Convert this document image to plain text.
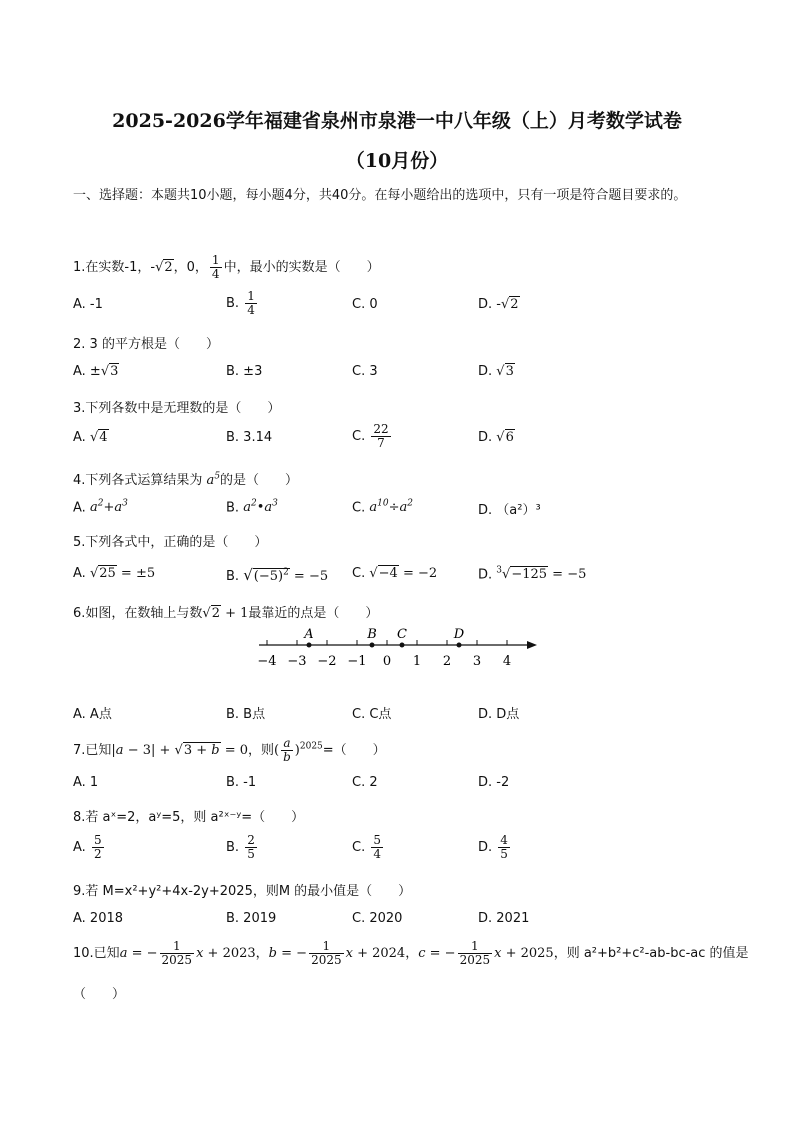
2025-2026学年福建省泉州市泉港一中八年级（上）月考数学试卷
（10月份）
一、选择题：本题共10小题，每小题4分，共40分。在每小题给出的选项中，只有一项是符合题目要求的。
1.在实数-1，-√2，0， $\frac{1}{4}$ 中，最小的实数是（　　）
A. -1	B. $\frac{1}{4}$	C. 0	D. -√2
2. 3 的平方根是（　　）
A. ±√3	B. ±3	C. 3	D. √3
3.下列各数中是无理数的是（　　）
A. √4	B. 3.14	C. $\frac{22}{7}$	D. √6
4.下列各式运算结果为 $a^5$的是（　　）
A. $a^2+a^3$	B. $a^2•a^3$	C. $a^{10}\div a^2$	D. （a²）³
5.下列各式中，正确的是（　　）
A. √25 = ±5	B. $√(-5)^2 = -5$ C. √−4 = −2	D. $^3$√−125 = −5
6.如图，在数轴上与数√2 + 1最靠近的点是（　　）
−4 −3 −2 −1 0 1 2 3 4
A	B C	D
A. A点	B. B点	C. C点	D. D点
7.已知|a − 3| + √3 + b = 0，则( $\frac{a}{b} )^{2025}=$（　　）
A. 1	B. -1	C. 2	D. -2
8.若 aˣ=2，aʸ=5，则 a²ˣ⁻ʸ=（　　）
A. $\frac{5}{2}$	B. $\frac{2}{5}$	C. $\frac{5}{4}$	D. $\frac{4}{5}$
9.若 M=x²+y²+4x-2y+2025，则M 的最小值是（　　）
A. 2018	B. 2019	C. 2020	D. 2021
10.已知a = − $\frac{1}{2025}$ x + 2023，b = − $\frac{1}{2025}$ x + 2024，c = − $\frac{1}{2025}$ x + 2025，则 a²+b²+c²-ab-bc-ac 的值是
（　　）
